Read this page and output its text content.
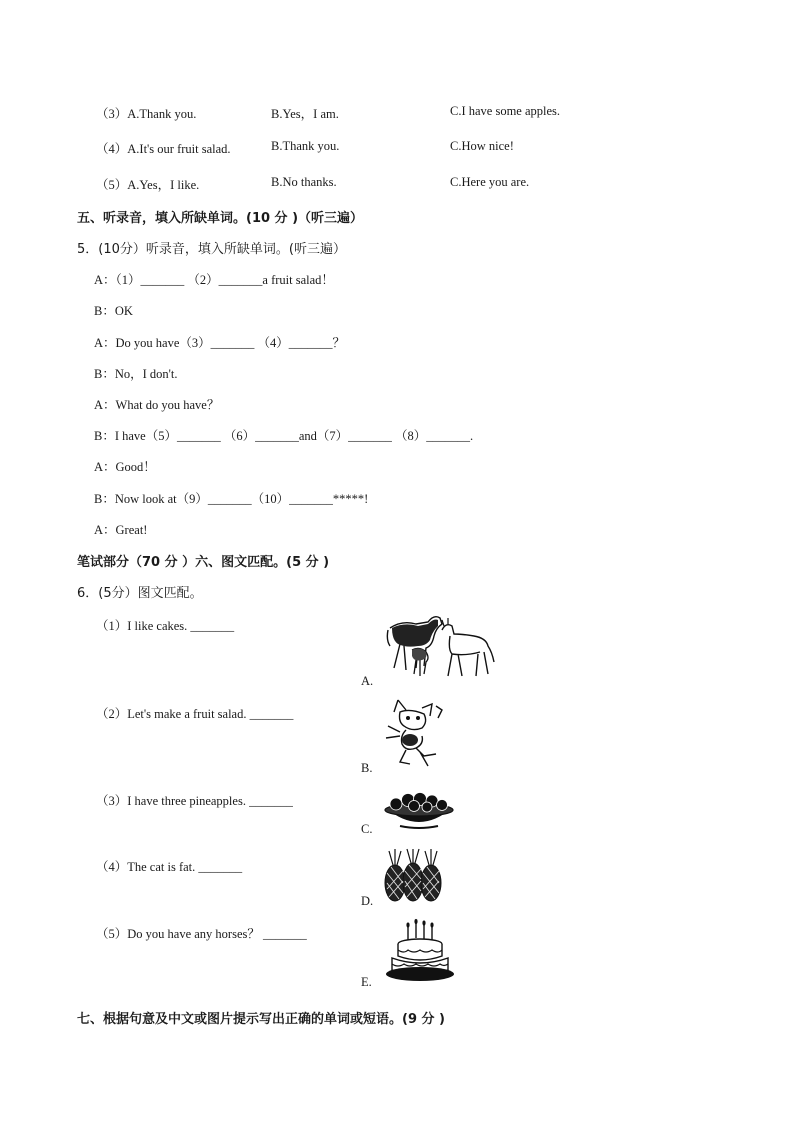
（3）A.Thank you.	B.Yes，I am.	C.I have some apples.
（4）A.It's our fruit salad.	B.Thank you.	C.How nice!
（5）A.Yes，I like.	B.No thanks.	C.Here you are.
五、听录音，填入所缺单词。(10 分 )（听三遍）
5．(10分）听录音，填入所缺单词。(听三遍）
A：（1）_______ （2）_______a fruit salad！
B：OK
A：Do you have（3）_______ （4）_______？
B：No，I don't.
A：What do you have？
B：I have（5）_______ （6）_______and（7）_______ （8）_______.
A：Good！
B：Now look at（9）_______（10）_______*****!
A：Great!
笔试部分（70 分 ）六、图文匹配。(5 分 )
6．(5分）图文匹配。
（1）I like cakes. _______
（2）Let's make a fruit salad. _______
（3）I have three pineapples. _______
（4）The cat is fat. _______
（5）Do you have any horses？ _______
A.
B.
C.
D.
E.
七、根据句意及中文或图片提示写出正确的单词或短语。(9 分 )
